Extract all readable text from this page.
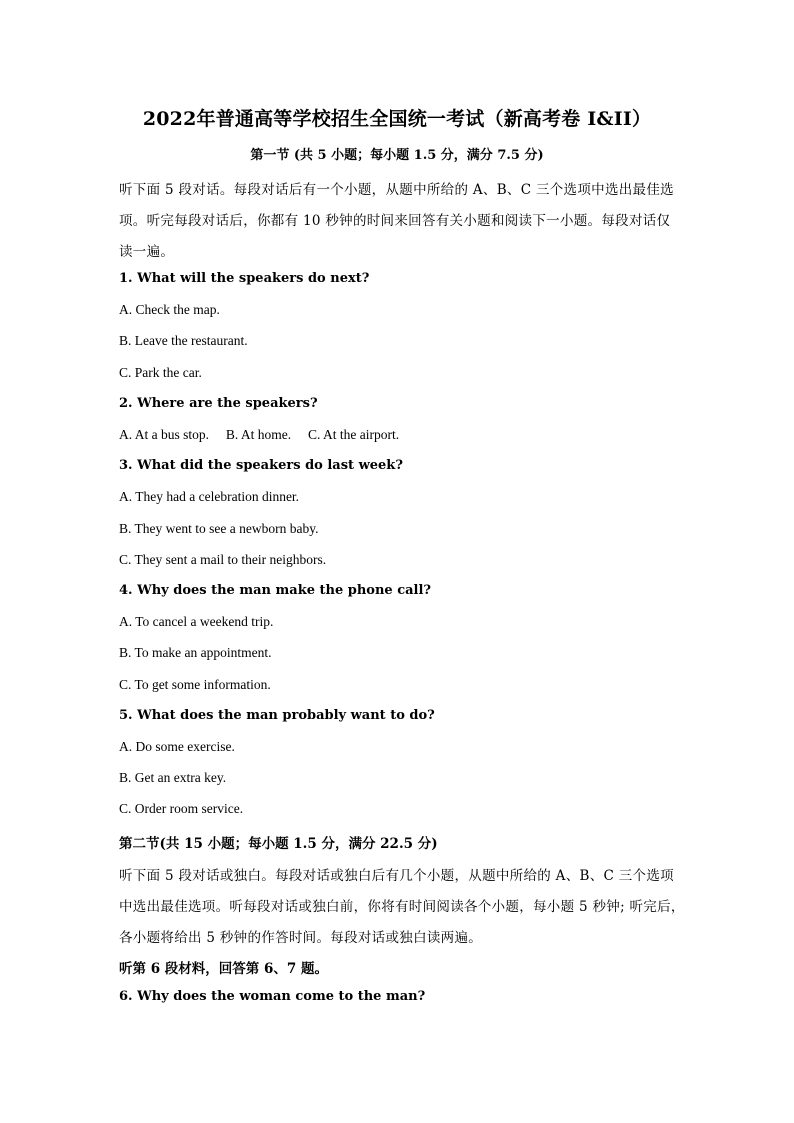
2022年普通高等学校招生全国统一考试（新高考卷 I&II）
第一节 (共 5 小题；每小题 1.5 分，满分 7.5 分)
听下面 5 段对话。每段对话后有一个小题，从题中所给的 A、B、C 三个选项中选出最佳选
项。听完每段对话后，你都有 10 秒钟的时间来回答有关小题和阅读下一小题。每段对话仅
读一遍。
1. What will the speakers do next?
A. Check the map.
B. Leave the restaurant.
C. Park the car.
2. Where are the speakers?
A. At a bus stop.     B. At home.     C. At the airport.
3. What did the speakers do last week?
A. They had a celebration dinner.
B. They went to see a newborn baby.
C. They sent a mail to their neighbors.
4. Why does the man make the phone call?
A. To cancel a weekend trip.
B. To make an appointment.
C. To get some information.
5. What does the man probably want to do?
A. Do some exercise.
B. Get an extra key.
C. Order room service.
第二节(共 15 小题；每小题 1.5 分，满分 22.5 分)
听下面 5 段对话或独白。每段对话或独白后有几个小题，从题中所给的 A、B、C 三个选项
中选出最佳选项。听每段对话或独白前，你将有时间阅读各个小题，每小题 5 秒钟; 听完后，
各小题将给出 5 秒钟的作答时间。每段对话或独白读两遍。
听第 6 段材料，回答第 6、7 题。
6. Why does the woman come to the man?
